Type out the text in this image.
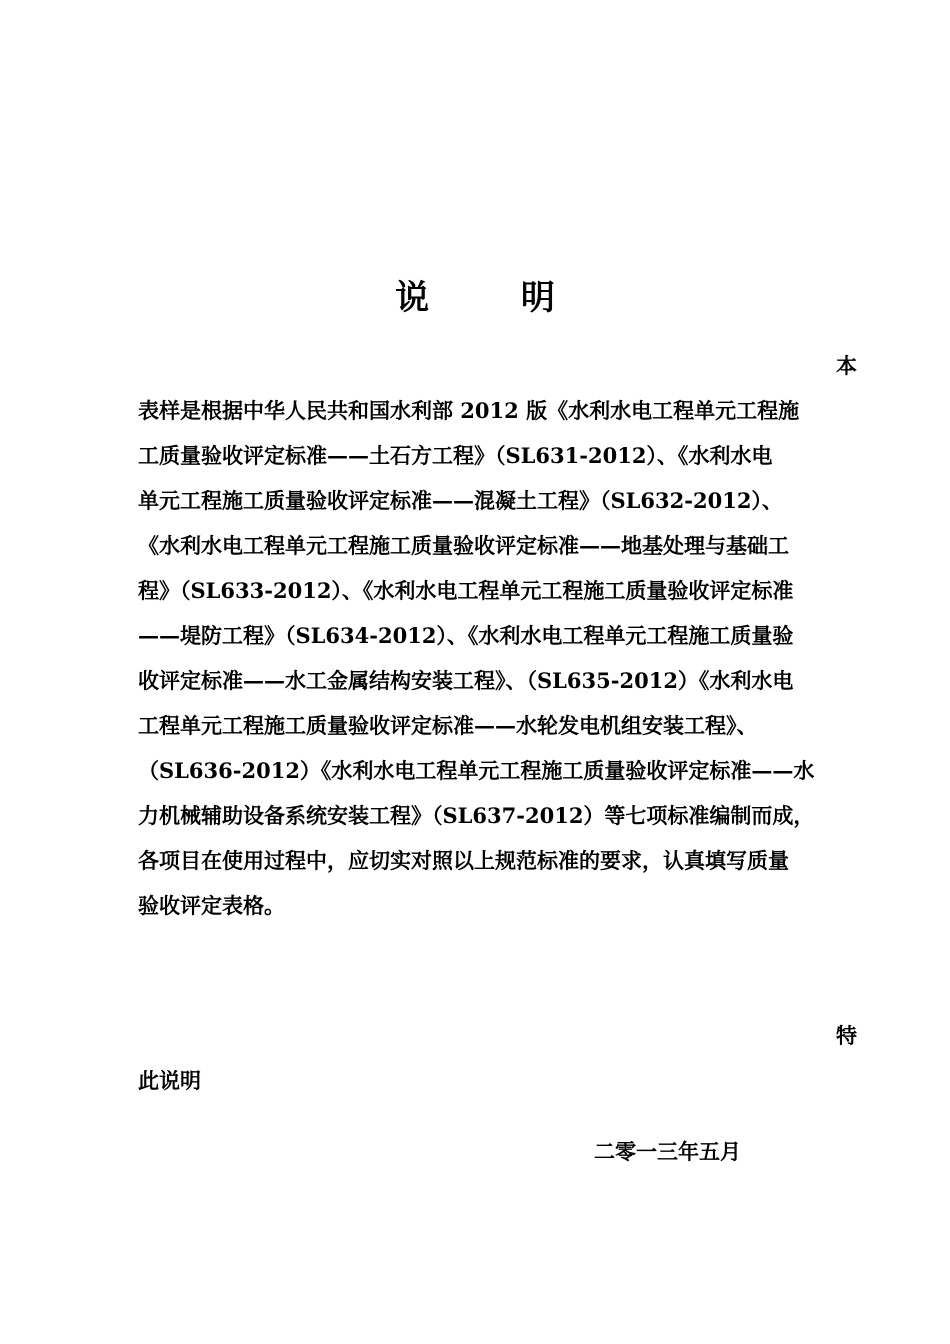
说 明
本
表样是根据中华人民共和国水利部 2012 版《水利水电工程单元工程施
工质量验收评定标准——土石方工程》（SL631-2012）、《水利水电
单元工程施工质量验收评定标准——混凝土工程》（SL632-2012）、
《水利水电工程单元工程施工质量验收评定标准——地基处理与基础工
程》（SL633-2012）、《水利水电工程单元工程施工质量验收评定标准
——堤防工程》（SL634-2012）、《水利水电工程单元工程施工质量验
收评定标准——水工金属结构安装工程》、（SL635-2012）《水利水电
工程单元工程施工质量验收评定标准——水轮发电机组安装工程》、
（SL636-2012）《水利水电工程单元工程施工质量验收评定标准——水
力机械辅助设备系统安装工程》（SL637-2012）等七项标准编制而成，
各项目在使用过程中，应切实对照以上规范标准的要求，认真填写质量
验收评定表格。
特
此说明
二零一三年五月
